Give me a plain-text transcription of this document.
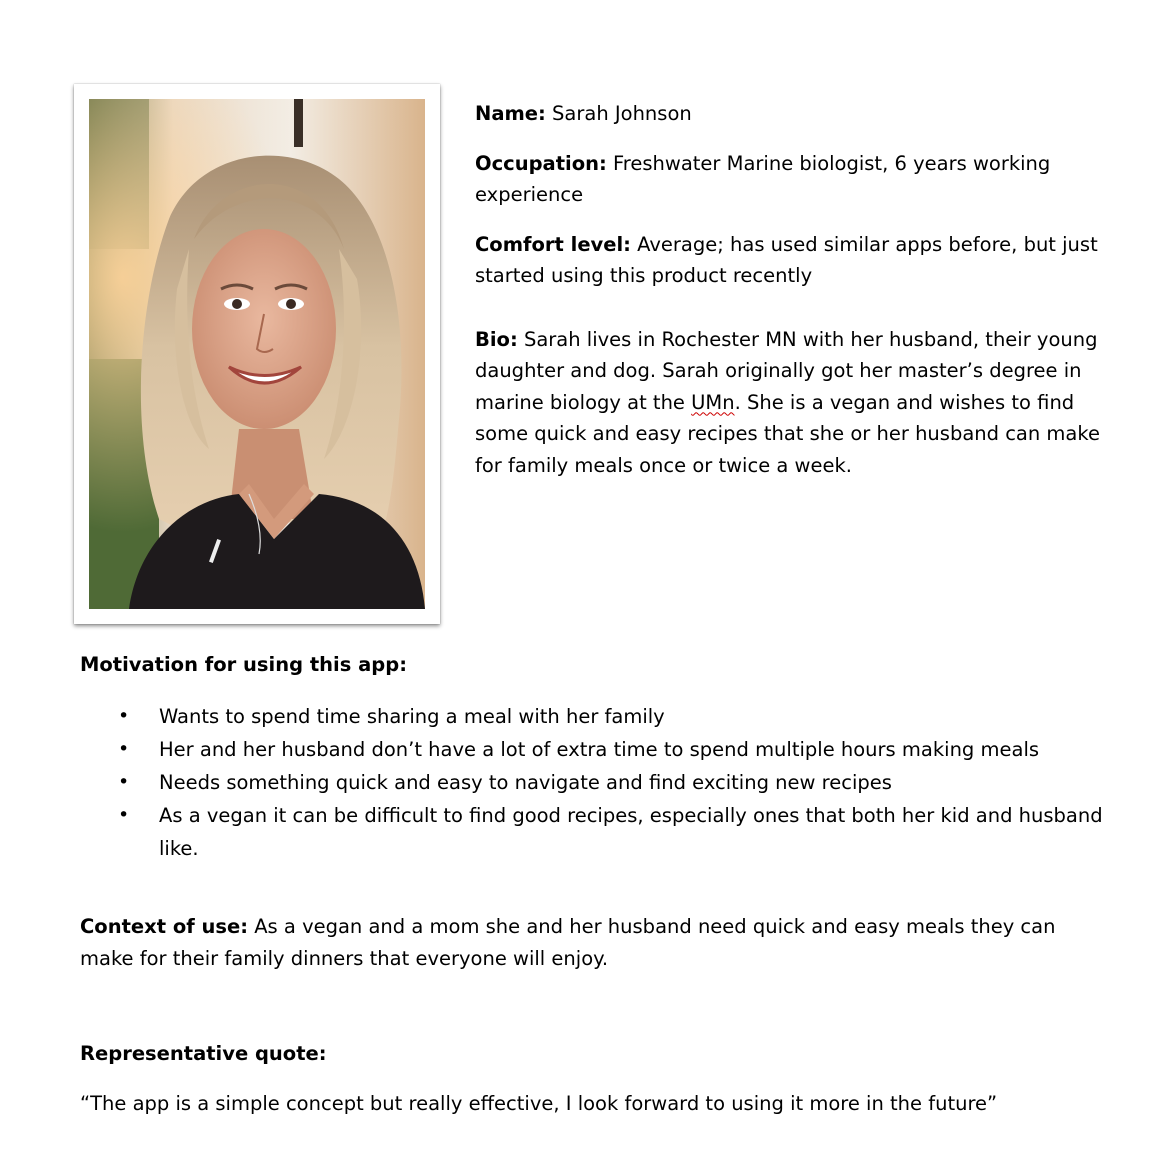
Name: Sarah Johnson

Occupation: Freshwater Marine biologist, 6 years working experience

Comfort level: Average; has used similar apps before, but just started using this product recently

Bio: Sarah lives in Rochester MN with her husband, their young daughter and dog. Sarah originally got her master’s degree in marine biology at the UMn. She is a vegan and wishes to find some quick and easy recipes that she or her husband can make for family meals once or twice a week.

Motivation for using this app:
• Wants to spend time sharing a meal with her family
• Her and her husband don’t have a lot of extra time to spend multiple hours making meals
• Needs something quick and easy to navigate and find exciting new recipes
• As a vegan it can be difficult to find good recipes, especially ones that both her kid and husband like.

Context of use: As a vegan and a mom she and her husband need quick and easy meals they can make for their family dinners that everyone will enjoy.

Representative quote:

“The app is a simple concept but really effective, I look forward to using it more in the future”
